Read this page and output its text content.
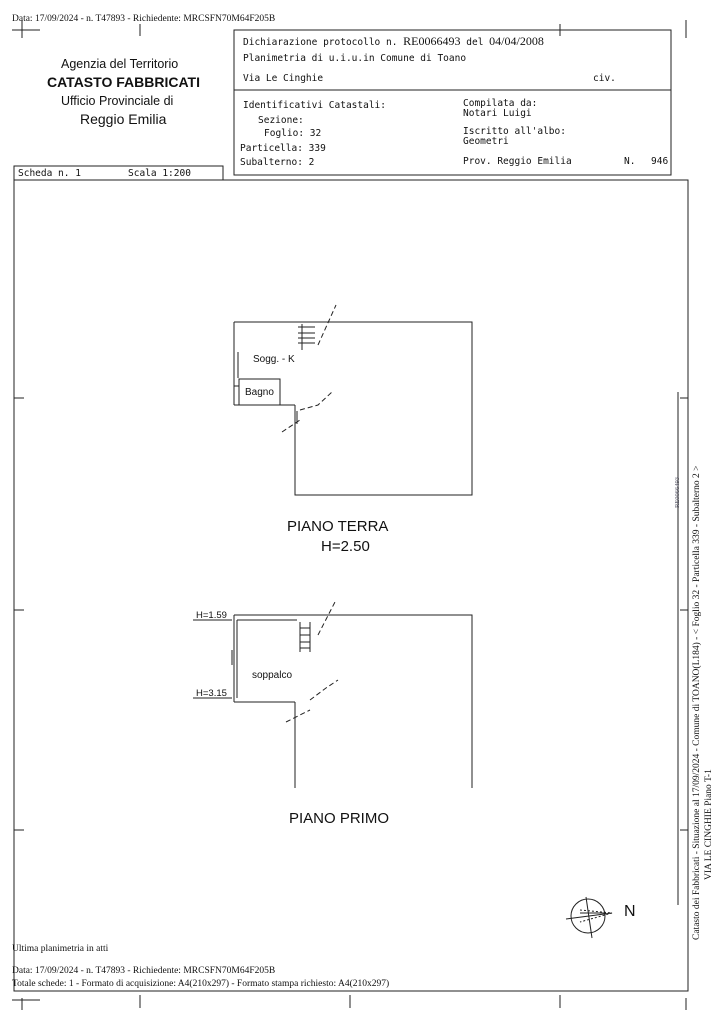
Data: 17/09/2024 - n. T47893 - Richiedente: MRCSFN70M64F205B
Agenzia del Territorio
CATASTO FABBRICATI
Ufficio Provinciale di
Reggio Emilia
Dichiarazione protocollo n. RE0066493 del 04/04/2008
Planimetria di u.i.u.in Comune di Toano
Via Le Cinghie	civ.
Identificativi Catastali:
Sezione:
Foglio: 32
Particella: 339
Subalterno: 2
Compilata da:
Notari Luigi
Iscritto all'albo:
Geometri
Prov. Reggio Emilia	N. 946
Scheda n. 1	Scala 1:200
Sogg. - K
Bagno
PIANO TERRA
H=2.50
H=1.59
H=3.15
soppalco
PIANO PRIMO
N	Catasto dei Fabbricati - Situazione al 17/09/2024 - Comune di TOANO(L184) - < Foglio 32 - Particella 339 - Subalterno 2 > VIA LE CINGHIE Piano T-1
RE0066493
Ultima planimetria in atti
Data: 17/09/2024 - n. T47893 - Richiedente: MRCSFN70M64F205B
Totale schede: 1 - Formato di acquisizione: A4(210x297) - Formato stampa richiesto: A4(210x297)
